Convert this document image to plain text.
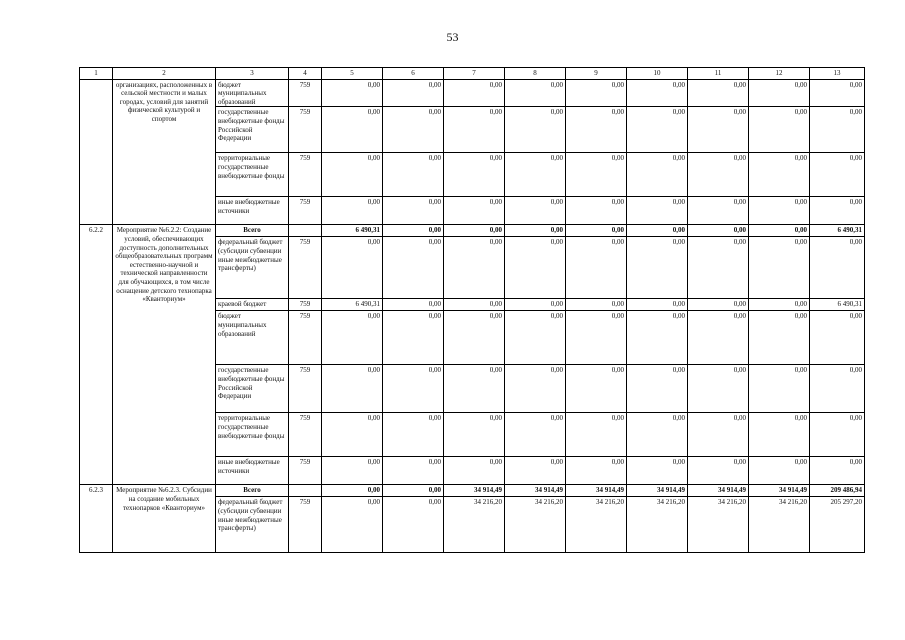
53
1	2	3	4	5	6	7	8	9	10	11	12	13
	организациях, расположенных в сельской местности и малых городах, условий для занятий физической культурой и спортом	бюджет муниципальных образований	759	0,00	0,00	0,00	0,00	0,00	0,00	0,00	0,00	0,00
		государственные внебюджетные фонды Российской Федерации	759	0,00	0,00	0,00	0,00	0,00	0,00	0,00	0,00	0,00
		территориальные государственные внебюджетные фонды	759	0,00	0,00	0,00	0,00	0,00	0,00	0,00	0,00	0,00
		иные внебюджетные источники	759	0,00	0,00	0,00	0,00	0,00	0,00	0,00	0,00	0,00
6.2.2	Мероприятие №6.2.2: Создание условий, обеспечивающих доступность дополнительных общеобразовательных программ естественно-научной и технической направленности для обучающихся, в том числе оснащение детского технопарка «Кванториум»	Всего		6 490,31	0,00	0,00	0,00	0,00	0,00	0,00	0,00	6 490,31
		федеральный бюджет (субсидии субвенции иные межбюджетные трансферты)	759	0,00	0,00	0,00	0,00	0,00	0,00	0,00	0,00	0,00
		краевой бюджет	759	6 490,31	0,00	0,00	0,00	0,00	0,00	0,00	0,00	6 490,31
		бюджет муниципальных образований	759	0,00	0,00	0,00	0,00	0,00	0,00	0,00	0,00	0,00
		государственные внебюджетные фонды Российской Федерации	759	0,00	0,00	0,00	0,00	0,00	0,00	0,00	0,00	0,00
		территориальные государственные внебюджетные фонды	759	0,00	0,00	0,00	0,00	0,00	0,00	0,00	0,00	0,00
		иные внебюджетные источники	759	0,00	0,00	0,00	0,00	0,00	0,00	0,00	0,00	0,00
6.2.3	Мероприятие №6.2.3. Субсидии на создание мобильных технопарков «Кванториум»	Всего		0,00	0,00	34 914,49	34 914,49	34 914,49	34 914,49	34 914,49	34 914,49	209 486,94
		федеральный бюджет (субсидии субвенции иные межбюджетные трансферты)	759	0,00	0,00	34 216,20	34 216,20	34 216,20	34 216,20	34 216,20	34 216,20	205 297,20
